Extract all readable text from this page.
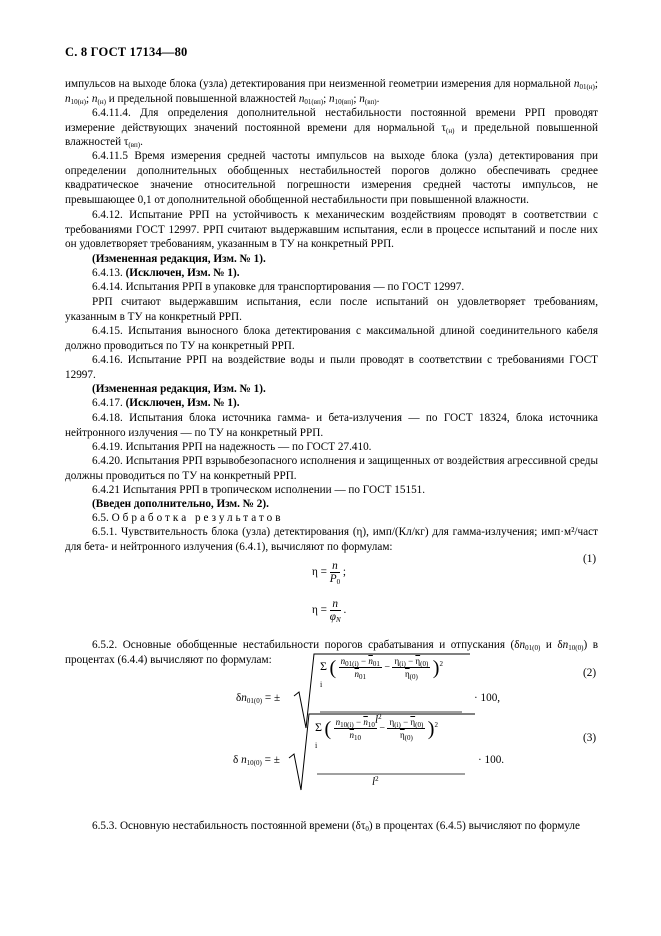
С. 8 ГОСТ 17134—80
импульсов на выходе блока (узла) детектирования при неизменной геометрии измерения для нормальной $n_{01(н)}$; $n_{10(н)}$; $n_{(н)}$ и предельной повышенной влажностей $n_{01(вп)}$; $n_{10(вп)}$; $n_{(вп)}$.
6.4.11.4. Для определения дополнительной нестабильности постоянной времени РРП проводят измерение действующих значений постоянной времени для нормальной $\tau_{(н)}$ и предельной повышенной влажностей $\tau_{(вп)}$.
6.4.11.5 Время измерения средней частоты импульсов на выходе блока (узла) детектирования при определении дополнительных обобщенных нестабильностей порогов должно обеспечивать среднее квадратическое значение относительной погрешности измерения средней частоты импульсов, не превышающее 0,1 от дополнительной обобщенной нестабильности при повышенной влажности.
6.4.12. Испытание РРП на устойчивость к механическим воздействиям проводят в соответствии с требованиями ГОСТ 12997. РРП считают выдержавшим испытания, если в процессе испытаний и после них он удовлетворяет требованиям, указанным в ТУ на конкретный РРП.
(Измененная редакция, Изм. № 1).
6.4.13. (Исключен, Изм. № 1).
6.4.14. Испытания РРП в упаковке для транспортирования — по ГОСТ 12997.
РРП считают выдержавшим испытания, если после испытаний он удовлетворяет требованиям, указанным в ТУ на конкретный РРП.
6.4.15. Испытания выносного блока детектирования с максимальной длиной соединительного кабеля должно проводиться по ТУ на конкретный РРП.
6.4.16. Испытание РРП на воздействие воды и пыли проводят в соответствии с требованиями ГОСТ 12997.
(Измененная редакция, Изм. № 1).
6.4.17. (Исключен, Изм. № 1).
6.4.18. Испытания блока источника гамма- и бета-излучения — по ГОСТ 18324, блока источника нейтронного излучения — по ТУ на конкретный РРП.
6.4.19. Испытания РРП на надежность — по ГОСТ 27.410.
6.4.20. Испытания РРП взрывобезопасного исполнения и защищенных от воздействия агрессивной среды должны проводиться по ТУ на конкретный РРП.
6.4.21 Испытания РРП в тропическом исполнении — по ГОСТ 15151.
(Введен дополнительно, Изм. № 2).
6.5. Обработка результатов
6.5.1. Чувствительность блока (узла) детектирования (η), имп/(Кл/кг) для гамма-излучения; имп·м²/част для бета- и нейтронного излучения (6.4.1), вычисляют по формулам:
$\eta = \frac{n}{P_0}$ ;
(1)
$\eta = \frac{n}{\varphi_N}$ .
6.5.2. Основные обобщенные нестабильности порогов срабатывания и отпускания ($\delta n_{01(0)}$ и $\delta n_{10(0)}$) в процентах (6.4.4) вычисляют по формулам:
$\delta n_{01(0)}$ = ±
Σ ( $\frac{n_{01(i)} - \overline{n}_{01}}{\overline{n}_{01}} - \frac{\eta_{(i)} - \overline{\eta}_{(0)}}{\overline{\eta}_{(0)}} )^2$
i
$l^2$
· 100,
(2)
δ $n_{10(0)}$ = ±
Σ ( $\frac{n_{10(i)} - \overline{n}_{10}}{\overline{n}_{10}} - \frac{\eta_{(i)} - \overline{\eta}_{(0)}}{\overline{\eta}_{(0)}} )^2$
i
$l^2$
· 100.
(3)
6.5.3. Основную нестабильность постоянной времени $(\delta\tau_0)$ в процентах (6.4.5) вычисляют по формуле
